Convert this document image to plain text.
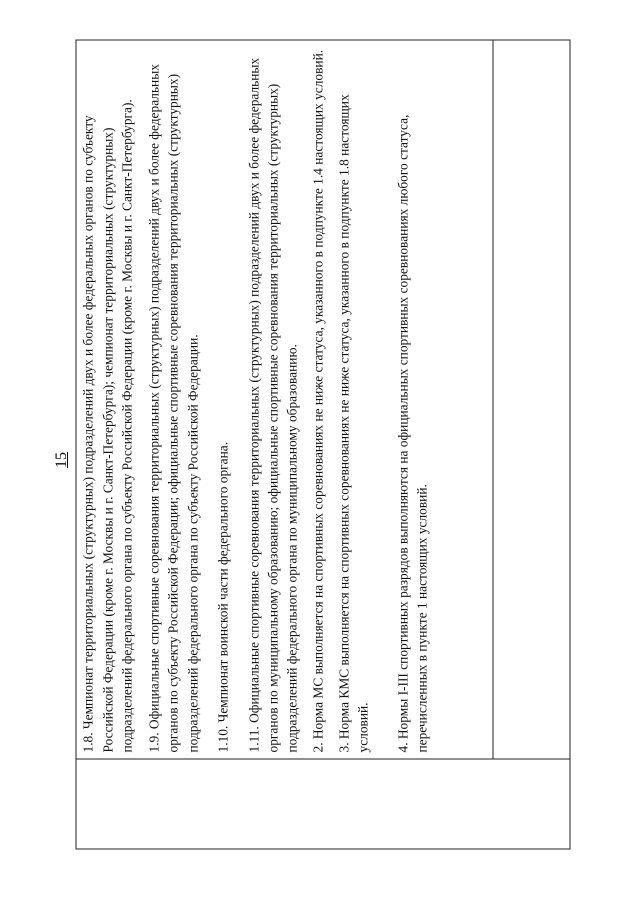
15 1.8. Чемпионат территориальных (структурных) подразделений двух и более федеральных органов по субъекту Российской Федерации (кроме г. Москвы и г. Санкт-Петербурга); чемпионат территориальных (структурных) подразделений федерального органа по субъекту Российской Федерации (кроме г. Москвы и г. Санкт-Петербурга). 1.9. Официальные спортивные соревнования территориальных (структурных) подразделений двух и более федеральных органов по субъекту Российской Федерации; официальные спортивные соревнования территориальных (структурных) подразделений федерального органа по субъекту Российской Федерации.	1.10. Чемпионат воинской части федерального органа.	1.11. Официальные спортивные соревнования территориальных (структурных) подразделений двух и более федеральных органов по муниципальному образованию; официальные спортивные соревнования территориальных (структурных) подразделений федерального органа по муниципальному образованию. 2. Норма МС выполняется на спортивных соревнованиях не ниже статуса, указанного в подпункте 1.4 настоящих условий. 3. Норма КМС выполняется на спортивных соревнованиях не ниже статуса, указанного в подпункте 1.8 настоящих условий.	4. Нормы I-III спортивных разрядов выполняются на официальных спортивных соревнованиях любого статуса, перечисленных в пункте 1 настоящих условий.
